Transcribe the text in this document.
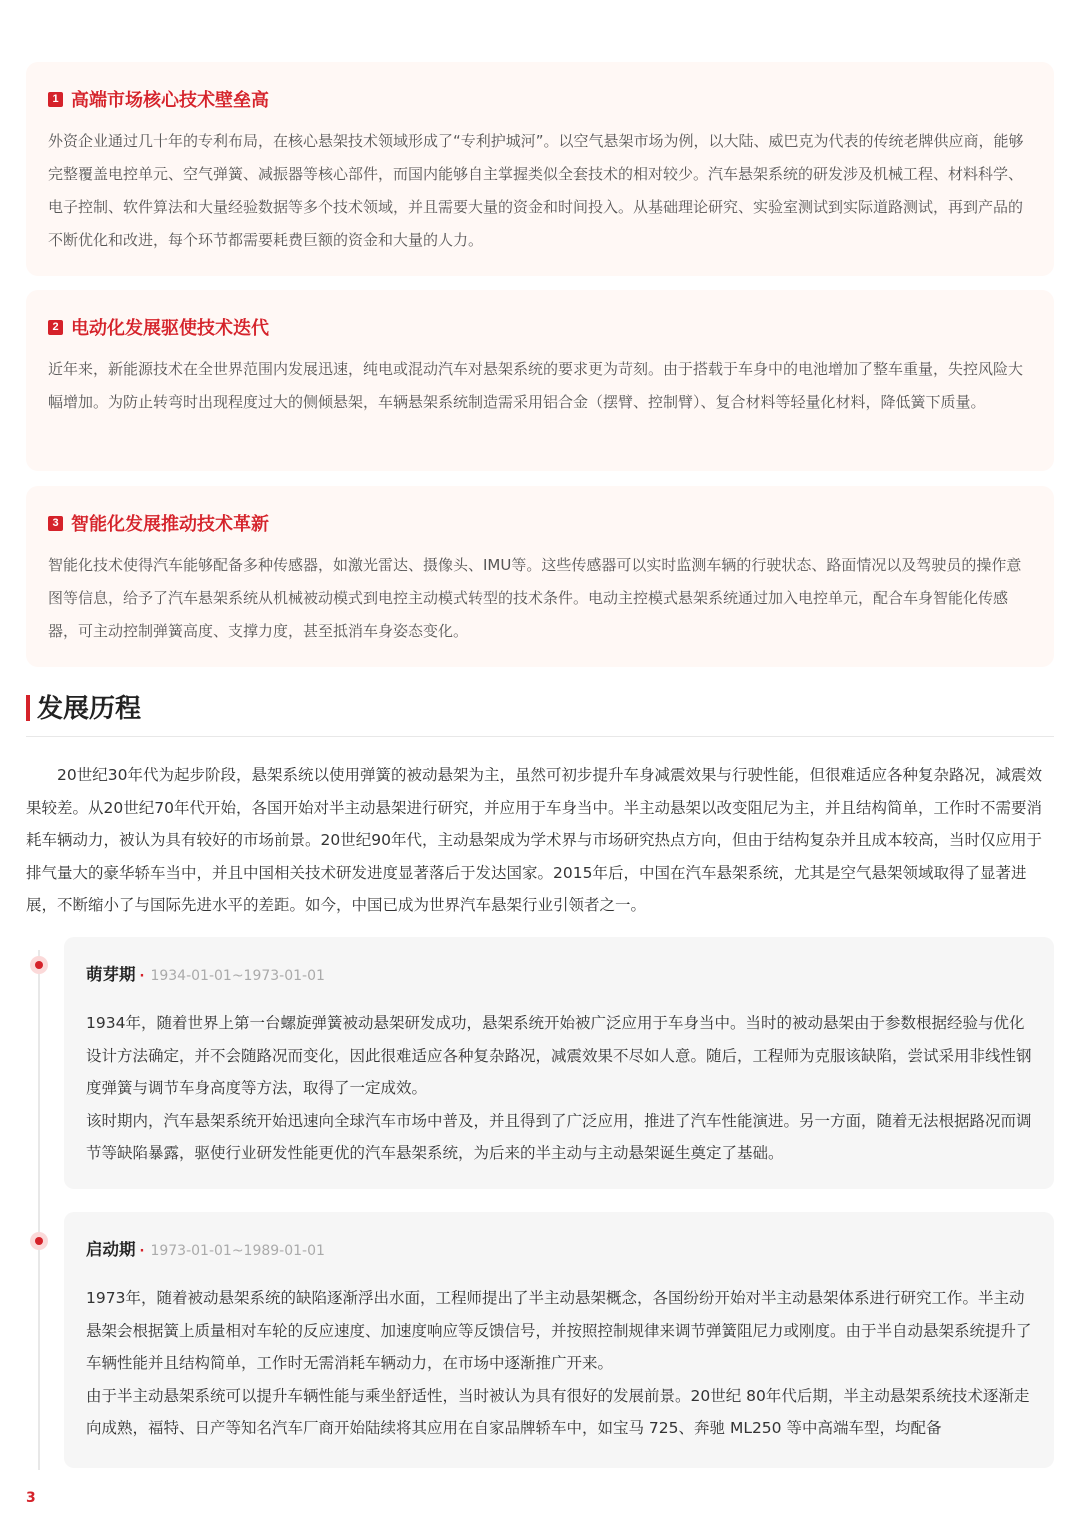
1 高端市场核心技术壁垒高

外资企业通过几十年的专利布局，在核心悬架技术领域形成了“专利护城河”。以空气悬架市场为例，以大陆、威巴克为代表的传统老牌供应商，能够完整覆盖电控单元、空气弹簧、减振器等核心部件，而国内能够自主掌握类似全套技术的相对较少。汽车悬架系统的研发涉及机械工程、材料科学、电子控制、软件算法和大量经验数据等多个技术领域，并且需要大量的资金和时间投入。从基础理论研究、实验室测试到实际道路测试，再到产品的不断优化和改进，每个环节都需要耗费巨额的资金和大量的人力。

2 电动化发展驱使技术迭代

近年来，新能源技术在全世界范围内发展迅速，纯电或混动汽车对悬架系统的要求更为苛刻。由于搭载于车身中的电池增加了整车重量，失控风险大幅增加。为防止转弯时出现程度过大的侧倾悬架，车辆悬架系统制造需采用铝合金（摆臂、控制臂）、复合材料等轻量化材料，降低簧下质量。

3 智能化发展推动技术革新

智能化技术使得汽车能够配备多种传感器，如激光雷达、摄像头、IMU等。这些传感器可以实时监测车辆的行驶状态、路面情况以及驾驶员的操作意图等信息，给予了汽车悬架系统从机械被动模式到电控主动模式转型的技术条件。电动主控模式悬架系统通过加入电控单元，配合车身智能化传感器，可主动控制弹簧高度、支撑力度，甚至抵消车身姿态变化。

发展历程

20世纪30年代为起步阶段，悬架系统以使用弹簧的被动悬架为主，虽然可初步提升车身减震效果与行驶性能，但很难适应各种复杂路况，减震效果较差。从20世纪70年代开始，各国开始对半主动悬架进行研究，并应用于车身当中。半主动悬架以改变阻尼为主，并且结构简单，工作时不需要消耗车辆动力，被认为具有较好的市场前景。20世纪90年代，主动悬架成为学术界与市场研究热点方向，但由于结构复杂并且成本较高，当时仅应用于排气量大的豪华轿车当中，并且中国相关技术研发进度显著落后于发达国家。2015年后，中国在汽车悬架系统，尤其是空气悬架领域取得了显著进展，不断缩小了与国际先进水平的差距。如今，中国已成为世界汽车悬架行业引领者之一。

萌芽期 · 1934-01-01~1973-01-01

1934年，随着世界上第一台螺旋弹簧被动悬架研发成功，悬架系统开始被广泛应用于车身当中。当时的被动悬架由于参数根据经验与优化设计方法确定，并不会随路况而变化，因此很难适应各种复杂路况，减震效果不尽如人意。随后，工程师为克服该缺陷，尝试采用非线性钢度弹簧与调节车身高度等方法，取得了一定成效。

该时期内，汽车悬架系统开始迅速向全球汽车市场中普及，并且得到了广泛应用，推进了汽车性能演进。另一方面，随着无法根据路况而调节等缺陷暴露，驱使行业研发性能更优的汽车悬架系统，为后来的半主动与主动悬架诞生奠定了基础。

启动期 · 1973-01-01~1989-01-01

1973年，随着被动悬架系统的缺陷逐渐浮出水面，工程师提出了半主动悬架概念，各国纷纷开始对半主动悬架体系进行研究工作。半主动悬架会根据簧上质量相对车轮的反应速度、加速度响应等反馈信号，并按照控制规律来调节弹簧阻尼力或刚度。由于半自动悬架系统提升了车辆性能并且结构简单，工作时无需消耗车辆动力，在市场中逐渐推广开来。

由于半主动悬架系统可以提升车辆性能与乘坐舒适性，当时被认为具有很好的发展前景。20世纪 80年代后期，半主动悬架系统技术逐渐走向成熟，福特、日产等知名汽车厂商开始陆续将其应用在自家品牌轿车中，如宝马 725、奔驰 ML250 等中高端车型，均配备

3
